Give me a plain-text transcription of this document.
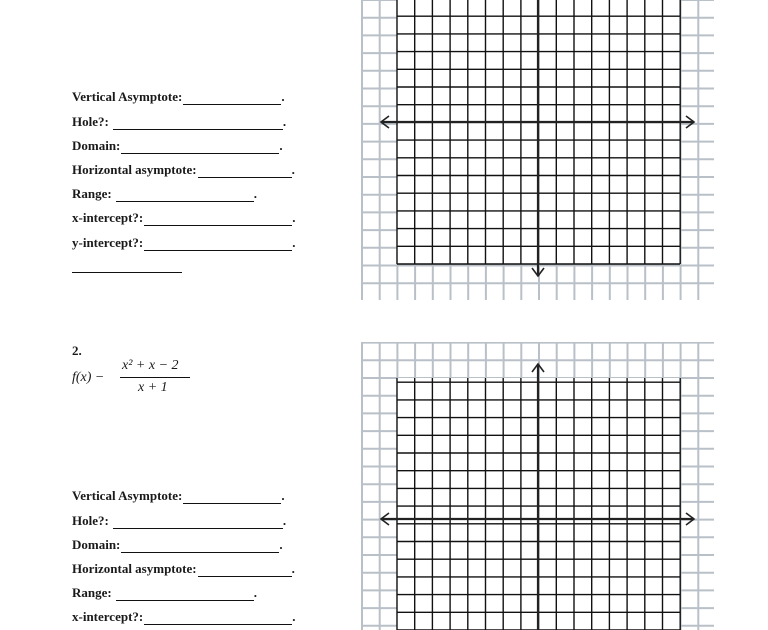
Vertical Asymptote:	.
Hole?:	.
Domain:	.
Horizontal asymptote:	.
Range:	.
x-intercept?:	.
y-intercept?:	.
2.
f(x) −
x² + x − 2
x + 1
Vertical Asymptote:	.
Hole?:	.
Domain:	.
Horizontal asymptote:	.
Range:	.
x-intercept?:	.
